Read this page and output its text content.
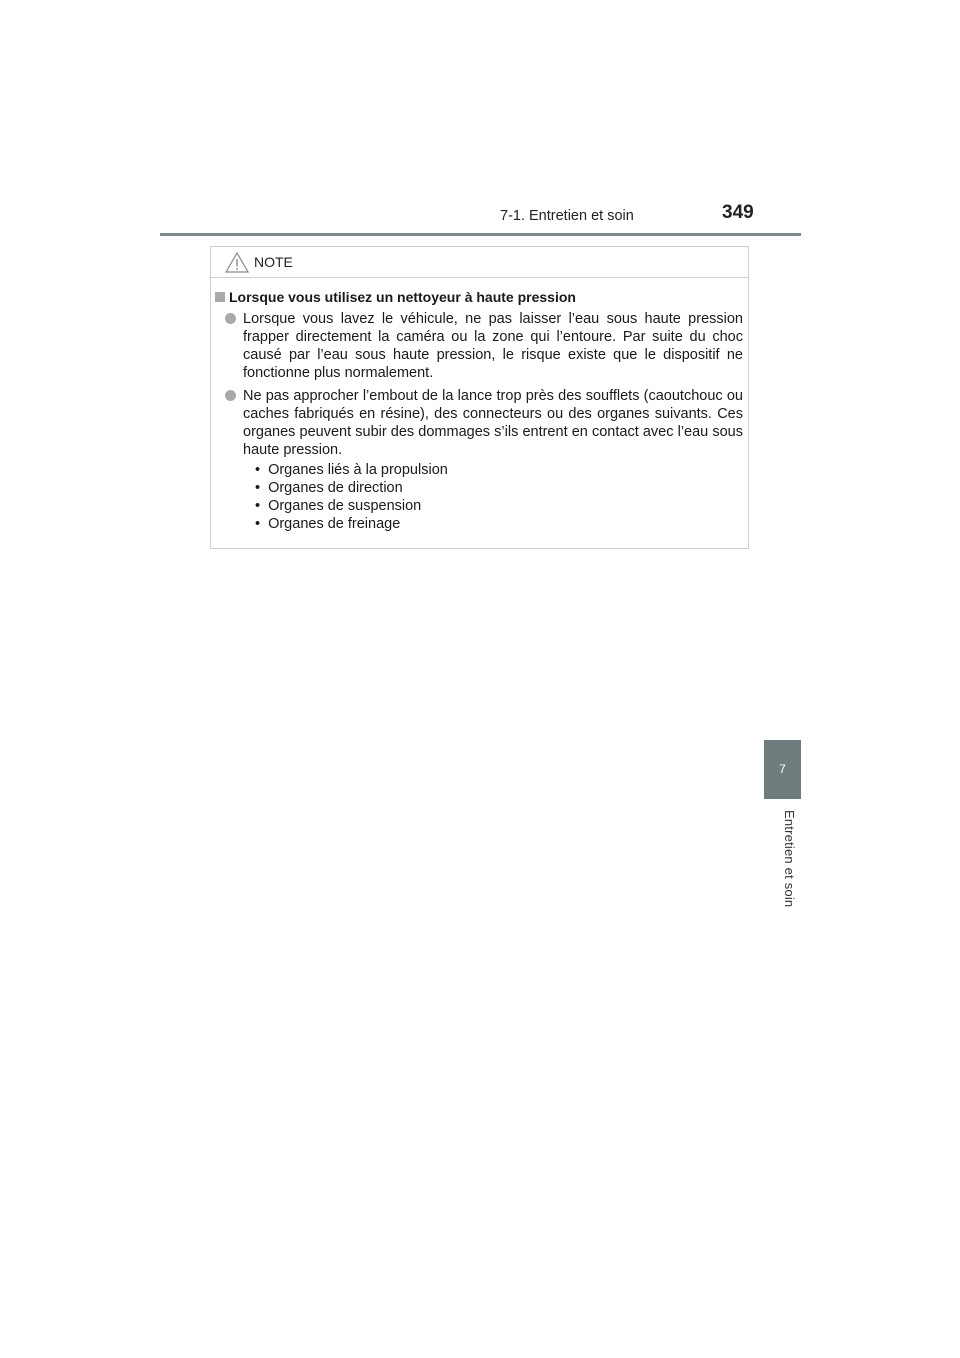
7-1. Entretien et soin	349
7
Entretien et soin
NOTE
Lorsque vous utilisez un nettoyeur à haute pression
Lorsque vous lavez le véhicule, ne pas laisser l’eau sous haute pression frapper directement la caméra ou la zone qui l’entoure. Par suite du choc causé par l’eau sous haute pression, le risque existe que le dispositif ne fonctionne plus normalement.
Ne pas approcher l’embout de la lance trop près des soufflets (caoutchouc ou caches fabriqués en résine), des connecteurs ou des organes suivants. Ces organes peuvent subir des dommages s’ils entrent en contact avec l’eau sous haute pression.
• Organes liés à la propulsion
• Organes de direction
• Organes de suspension
• Organes de freinage
